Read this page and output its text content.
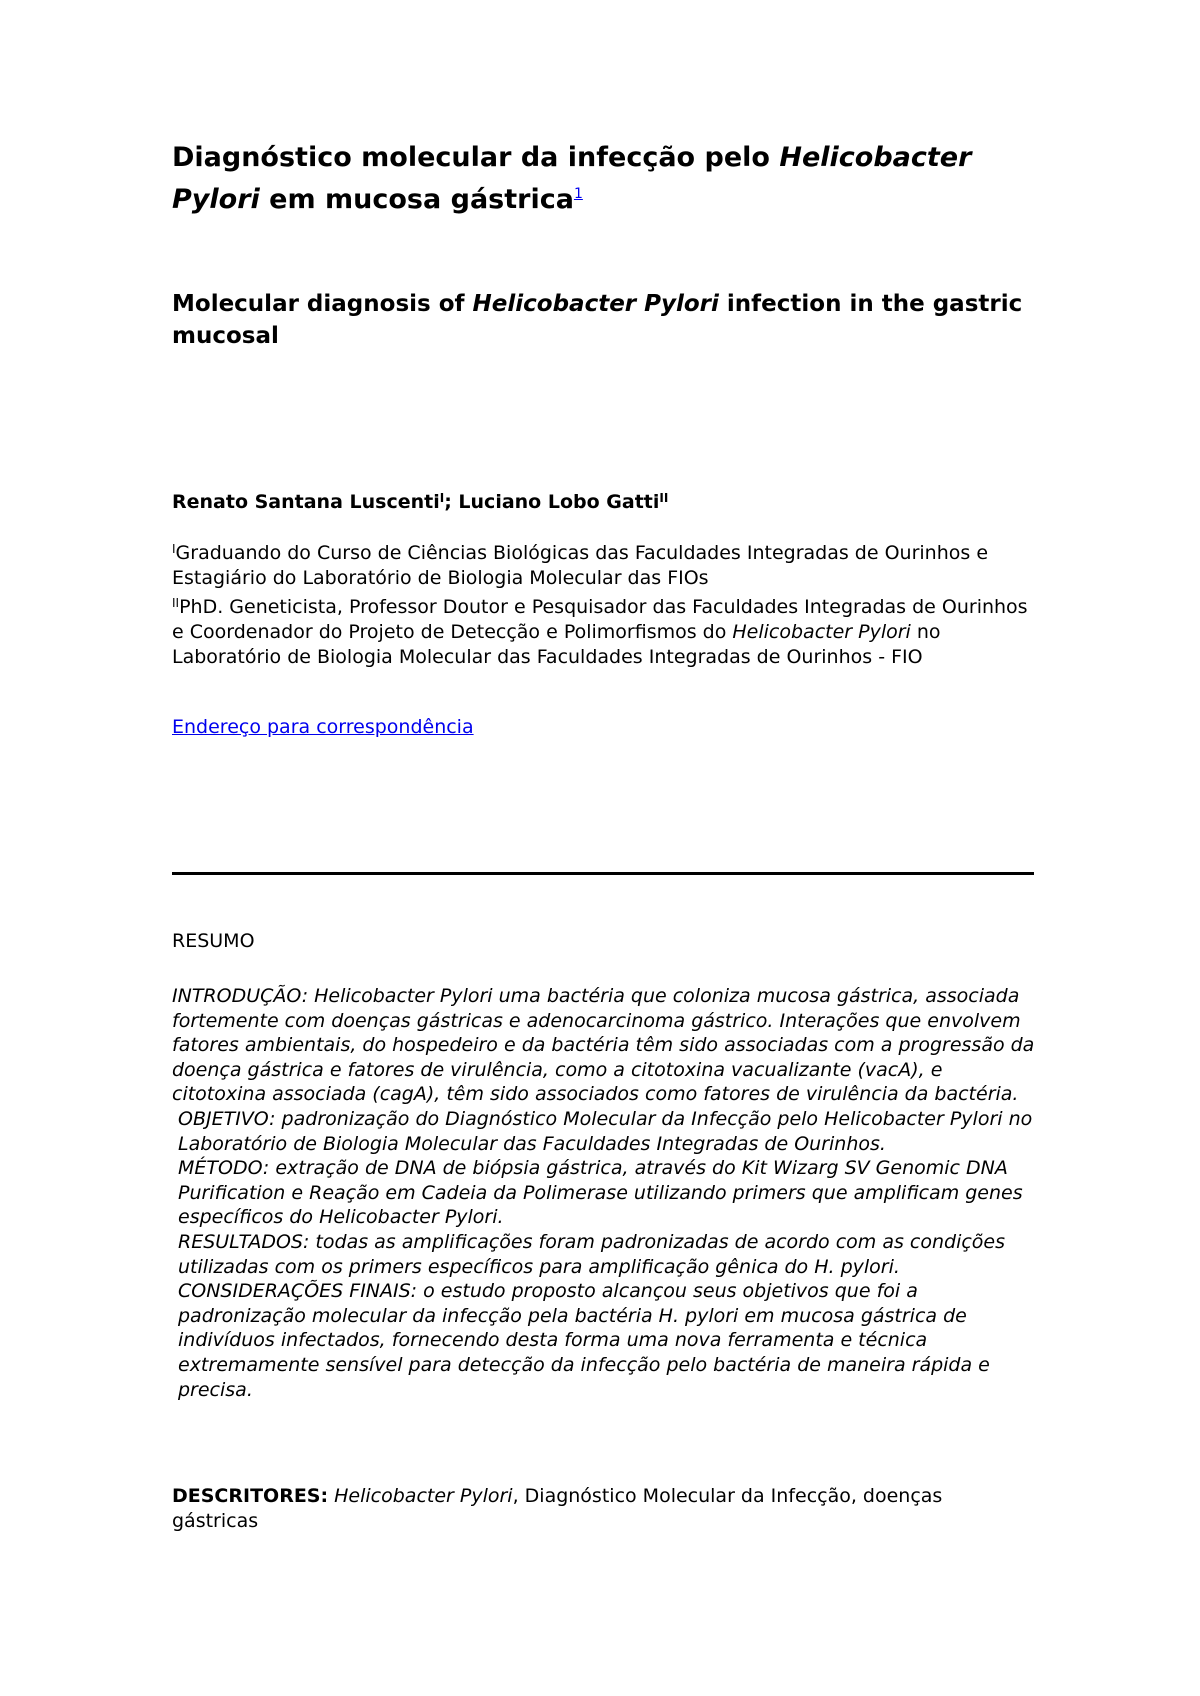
Diagnóstico molecular da infecção pelo Helicobacter Pylori em mucosa gástrica$^1$
Molecular diagnosis of Helicobacter Pylori infection in the gastric mucosal
Renato Santana Luscenti$^I$; Luciano Lobo Gatti$^{II}$
$^I$Graduando do Curso de Ciências Biológicas das Faculdades Integradas de Ourinhos e Estagiário do Laboratório de Biologia Molecular das FIOs
$^{II}$PhD. Geneticista, Professor Doutor e Pesquisador das Faculdades Integradas de Ourinhos e Coordenador do Projeto de Detecção e Polimorfismos do Helicobacter Pylori no Laboratório de Biologia Molecular das Faculdades Integradas de Ourinhos - FIO
Endereço para correspondência
RESUMO

INTRODUÇÃO: Helicobacter Pylori uma bactéria que coloniza mucosa gástrica, associada fortemente com doenças gástricas e adenocarcinoma gástrico. Interações que envolvem fatores ambientais, do hospedeiro e da bactéria têm sido associadas com a progressão da doença gástrica e fatores de virulência, como a citotoxina vacualizante (vacA), e citotoxina associada (cagA), têm sido associados como fatores de virulência da bactéria.

OBJETIVO: padronização do Diagnóstico Molecular da Infecção pelo Helicobacter Pylori no Laboratório de Biologia Molecular das Faculdades Integradas de Ourinhos.

MÉTODO: extração de DNA de biópsia gástrica, através do Kit Wizarg SV Genomic DNA Purification e Reação em Cadeia da Polimerase utilizando primers que amplificam genes específicos do Helicobacter Pylori.

RESULTADOS: todas as amplificações foram padronizadas de acordo com as condições utilizadas com os primers específicos para amplificação gênica do H. pylori.

CONSIDERAÇÕES FINAIS: o estudo proposto alcançou seus objetivos que foi a padronização molecular da infecção pela bactéria H. pylori em mucosa gástrica de indivíduos infectados, fornecendo desta forma uma nova ferramenta e técnica extremamente sensível para detecção da infecção pelo bactéria de maneira rápida e precisa.

DESCRITORES: Helicobacter Pylori, Diagnóstico Molecular da Infecção, doenças gástricas
